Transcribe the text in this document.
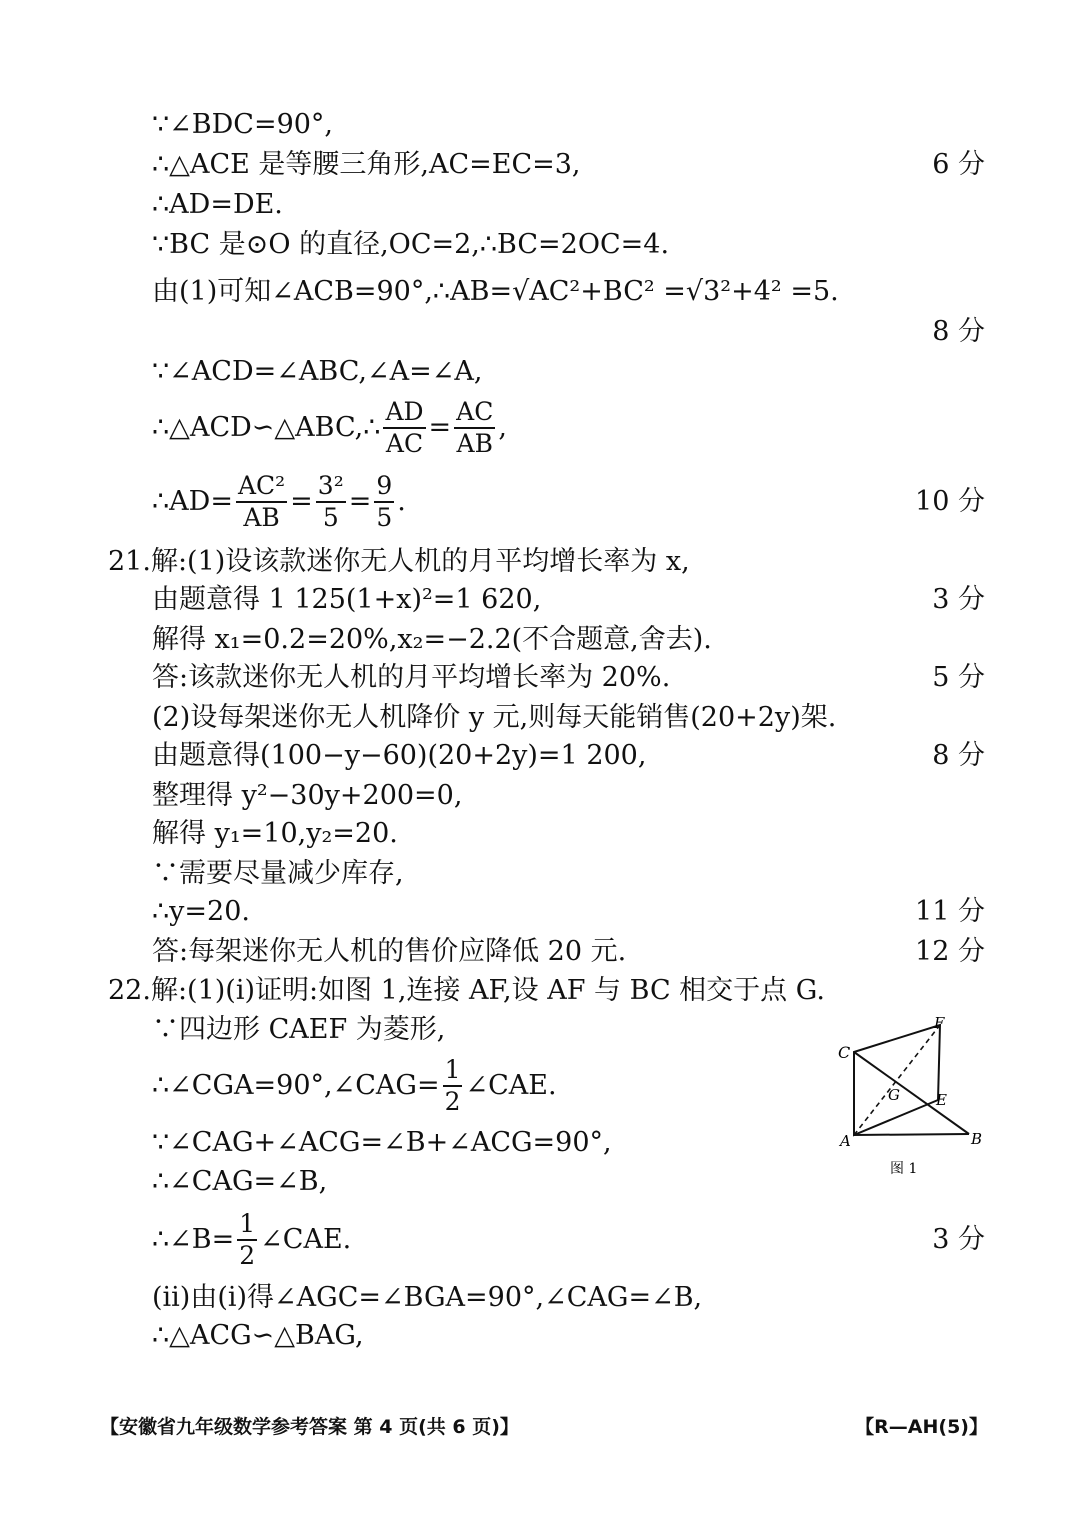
∵∠BDC=90°,
∴△ACE 是等腰三角形,AC=EC=3,	6 分
∴AD=DE.
∵BC 是⊙O 的直径,OC=2,∴BC=2OC=4.
由(1)可知∠ACB=90°,∴AB=√AC²+BC² =√3²+4² =5.
8 分
∵∠ACD=∠ABC,∠A=∠A,
∴△ACD∽△ABC,∴ $\frac{AD}{AC} = \frac{AC}{AB}$ ,
∴AD= $\frac{\text{AC²}}{AB} = \frac{\text{3²}}{5} = \frac{9}{5}$ .	10 分
21.解:(1)设该款迷你无人机的月平均增长率为 x,
由题意得 1 125(1+x)²=1 620,	3 分
解得 x₁=0.2=20%,x₂=−2.2(不合题意,舍去).
答:该款迷你无人机的月平均增长率为 20%.	5 分
(2)设每架迷你无人机降价 y 元,则每天能销售(20+2y)架.
由题意得(100−y−60)(20+2y)=1 200,	8 分
整理得 y²−30y+200=0,
解得 y₁=10,y₂=20.
∵需要尽量减少库存,
∴y=20.	11 分
答:每架迷你无人机的售价应降低 20 元.	12 分
22.解:(1)(ⅰ)证明:如图 1,连接 AF,设 AF 与 BC 相交于点 G.
∵四边形 CAEF 为菱形,
∴∠CGA=90°,∠CAG= $\frac{1}{2}$ ∠CAE.
∵∠CAG+∠ACG=∠B+∠ACG=90°,
∴∠CAG=∠B,
∴∠B= $\frac{1}{2}$ ∠CAE.	3 分
(ⅱ)由(ⅰ)得∠AGC=∠BGA=90°,∠CAG=∠B,
∴△ACG∽△BAG,
C
F
G E
A	B
图 1
【安徽省九年级数学参考答案 第 4 页(共 6 页)】	【R—AH(5)】
